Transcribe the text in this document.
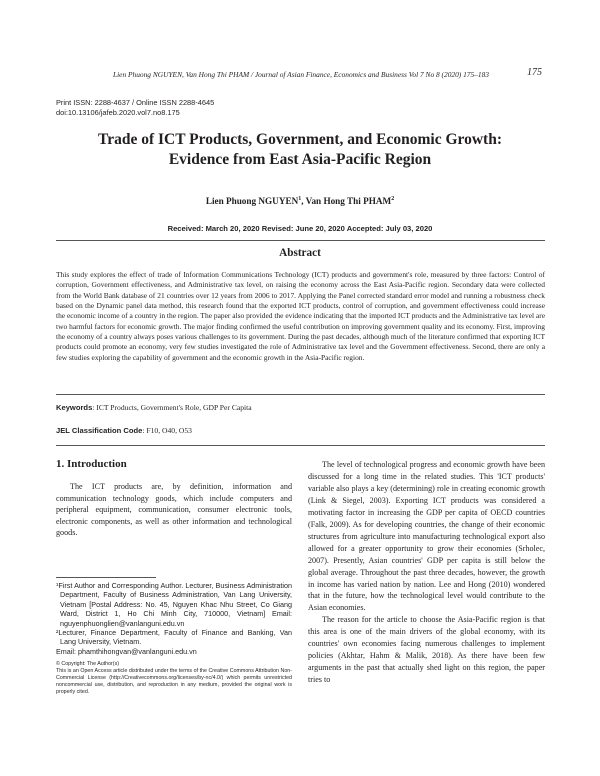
Lien Phuong NGUYEN, Van Hong Thi PHAM / Journal of Asian Finance, Economics and Business Vol 7 No 8 (2020) 175–183	175
Print ISSN: 2288-4637 / Online ISSN 2288-4645
doi:10.13106/jafeb.2020.vol7.no8.175
Trade of ICT Products, Government, and Economic Growth:
Evidence from East Asia-Pacific Region
Lien Phuong NGUYEN$^1$, Van Hong Thi PHAM$^2$
Received: March 20, 2020 Revised: June 20, 2020 Accepted: July 03, 2020
Abstract
This study explores the effect of trade of Information Communications Technology (ICT) products and government's role, measured by three factors: Control of corruption, Government effectiveness, and Administrative tax level, on raising the economy across the East Asia-Pacific region. Secondary data were collected from the World Bank database of 21 countries over 12 years from 2006 to 2017. Applying the Panel corrected standard error model and running a robustness check based on the Dynamic panel data method, this research found that the exported ICT products, control of corruption, and government effectiveness could increase the economic income of a country in the region. The paper also provided the evidence indicating that the imported ICT products and the Administrative tax level are two harmful factors for economic growth. The major finding confirmed the useful contribution on improving government quality and its economy. First, improving the economy of a country always poses various challenges to its government. During the past decades, although much of the literature confirmed that exporting ICT products could promote an economy, very few studies investigated the role of Administrative tax level and the Government effectiveness. Second, there are only a few studies exploring the capability of government and the economic growth in the Asia-Pacific region.
Keywords: ICT Products, Government's Role, GDP Per Capita
JEL Classification Code: F10, O40, O53
1. Introduction
The ICT products are, by definition, information and communication technology goods, which include computers and peripheral equipment, communication, consumer electronic tools, electronic components, as well as other information and technological goods.

The level of technological progress and economic growth have been discussed for a long time in the related studies. This 'ICT products' variable also plays a key (determining) role in creating economic growth (Link & Siegel, 2003). Exporting ICT products was considered a motivating factor in increasing the GDP per capita of OECD countries (Falk, 2009). As for developing countries, the change of their economic structures from agriculture into manufacturing technological export also allowed for a greater opportunity to grow their economies (Srholec, 2007). Presently, Asian countries' GDP per capita is still below the global average. Throughout the past three decades, however, the growth in income has varied nation by nation. Lee and Hong (2010) wondered that in the future, how the technological level would contribute to the Asian economies.

The reason for the article to choose the Asia-Pacific region is that this area is one of the main drivers of the global economy, with its countries' own economies facing numerous challenges to implement policies (Akhtar, Hahm & Malik, 2018). As there have been few arguments in the past that actually shed light on this region, the paper tries to

¹First Author and Corresponding Author. Lecturer, Business Administration Department, Faculty of Business Administration, Van Lang University, Vietnam [Postal Address: No. 45, Nguyen Khac Nhu Street, Co Giang Ward, District 1, Ho Chi Minh City, 710000, Vietnam] Email: nguyenphuonglien@vanlanguni.edu.vn

²Lecturer, Finance Department, Faculty of Finance and Banking, Van Lang University, Vietnam.

Email: phamthihongvan@vanlanguni.edu.vn

© Copyright: The Author(s)

This is an Open Access article distributed under the terms of the Creative Commons Attribution Non-Commercial License (http://Creativecommons.org/licenses/by-nc/4.0/) which permits unrestricted noncommercial use, distribution, and reproduction in any medium, provided the original work is properly cited.
